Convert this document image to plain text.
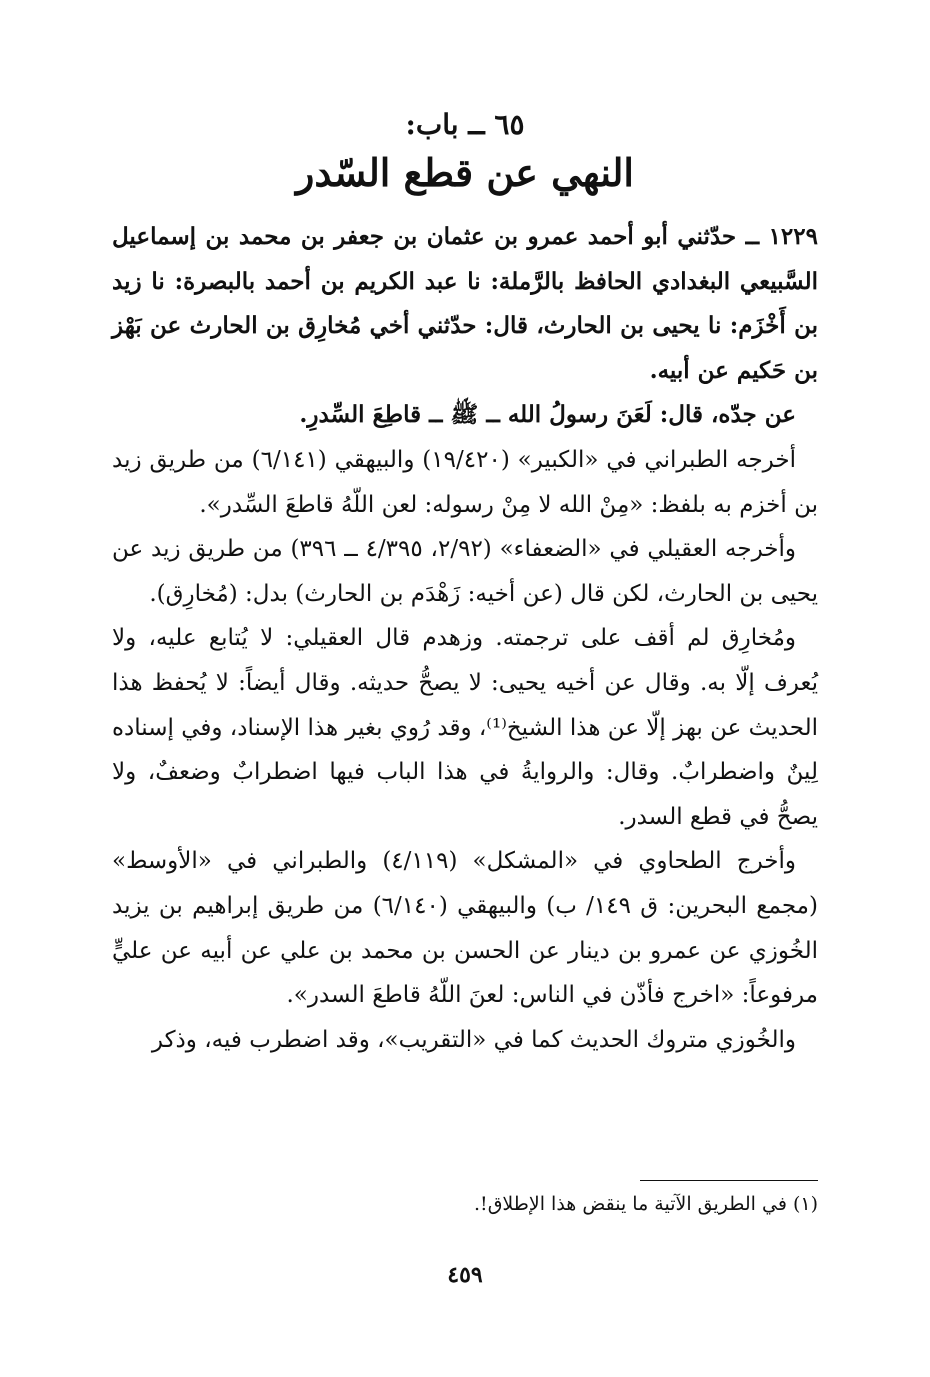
٦٥ ــ باب:
النهي عن قطع السّدر

١٢٢٩ ــ حدّثني أبو أحمد عمرو بن عثمان بن جعفر بن محمد بن إسماعيل السَّبيعي البغدادي الحافظ بالرَّملة: نا عبد الكريم بن أحمد بالبصرة: نا زيد بن أَخْزَم: نا يحيى بن الحارث، قال: حدّثني أخي مُخارِق بن الحارث عن بَهْز بن حَكيم عن أبيه.

عن جدّه، قال: لَعَنَ رسولُ الله ــ ﷺ ــ قاطِعَ السِّدرِ.

أخرجه الطبراني في «الكبير» (١٩/٤٢٠) والبيهقي (٦/١٤١) من طريق زيد بن أخزم به بلفظ: «مِنْ الله لا مِنْ رسوله: لعن اللّهُ قاطعَ السِّدر».

وأخرجه العقيلي في «الضعفاء» (٢/٩٢، ٤/٣٩٥ ــ ٣٩٦) من طريق زيد عن يحيى بن الحارث، لكن قال (عن أخيه: زَهْدَم بن الحارث) بدل: (مُخارِق).

ومُخارِق لم أقف على ترجمته. وزهدم قال العقيلي: لا يُتابع عليه، ولا يُعرف إلّا به. وقال عن أخيه يحيى: لا يصحُّ حديثه. وقال أيضاً: لا يُحفظ هذا الحديث عن بهز إلّا عن هذا الشيخ⁽¹⁾، وقد رُوي بغير هذا الإسناد، وفي إسناده لِينٌ واضطرابٌ. وقال: والروايةُ في هذا الباب فيها اضطرابٌ وضعفٌ، ولا يصحُّ في قطع السدر.

وأخرج الطحاوي في «المشكل» (٤/١١٩) والطبراني في «الأوسط» (مجمع البحرين: ق ١٤٩/ ب) والبيهقي (٦/١٤٠) من طريق إبراهيم بن يزيد الخُوزي عن عمرو بن دينار عن الحسن بن محمد بن علي عن أبيه عن عليٍّ مرفوعاً: «اخرج فأذّن في الناس: لعنَ اللّهُ قاطعَ السدر».

والخُوزي متروك الحديث كما في «التقريب»، وقد اضطرب فيه، وذكر

(١) في الطريق الآتية ما ينقض هذا الإطلاق!.
٤٥٩
